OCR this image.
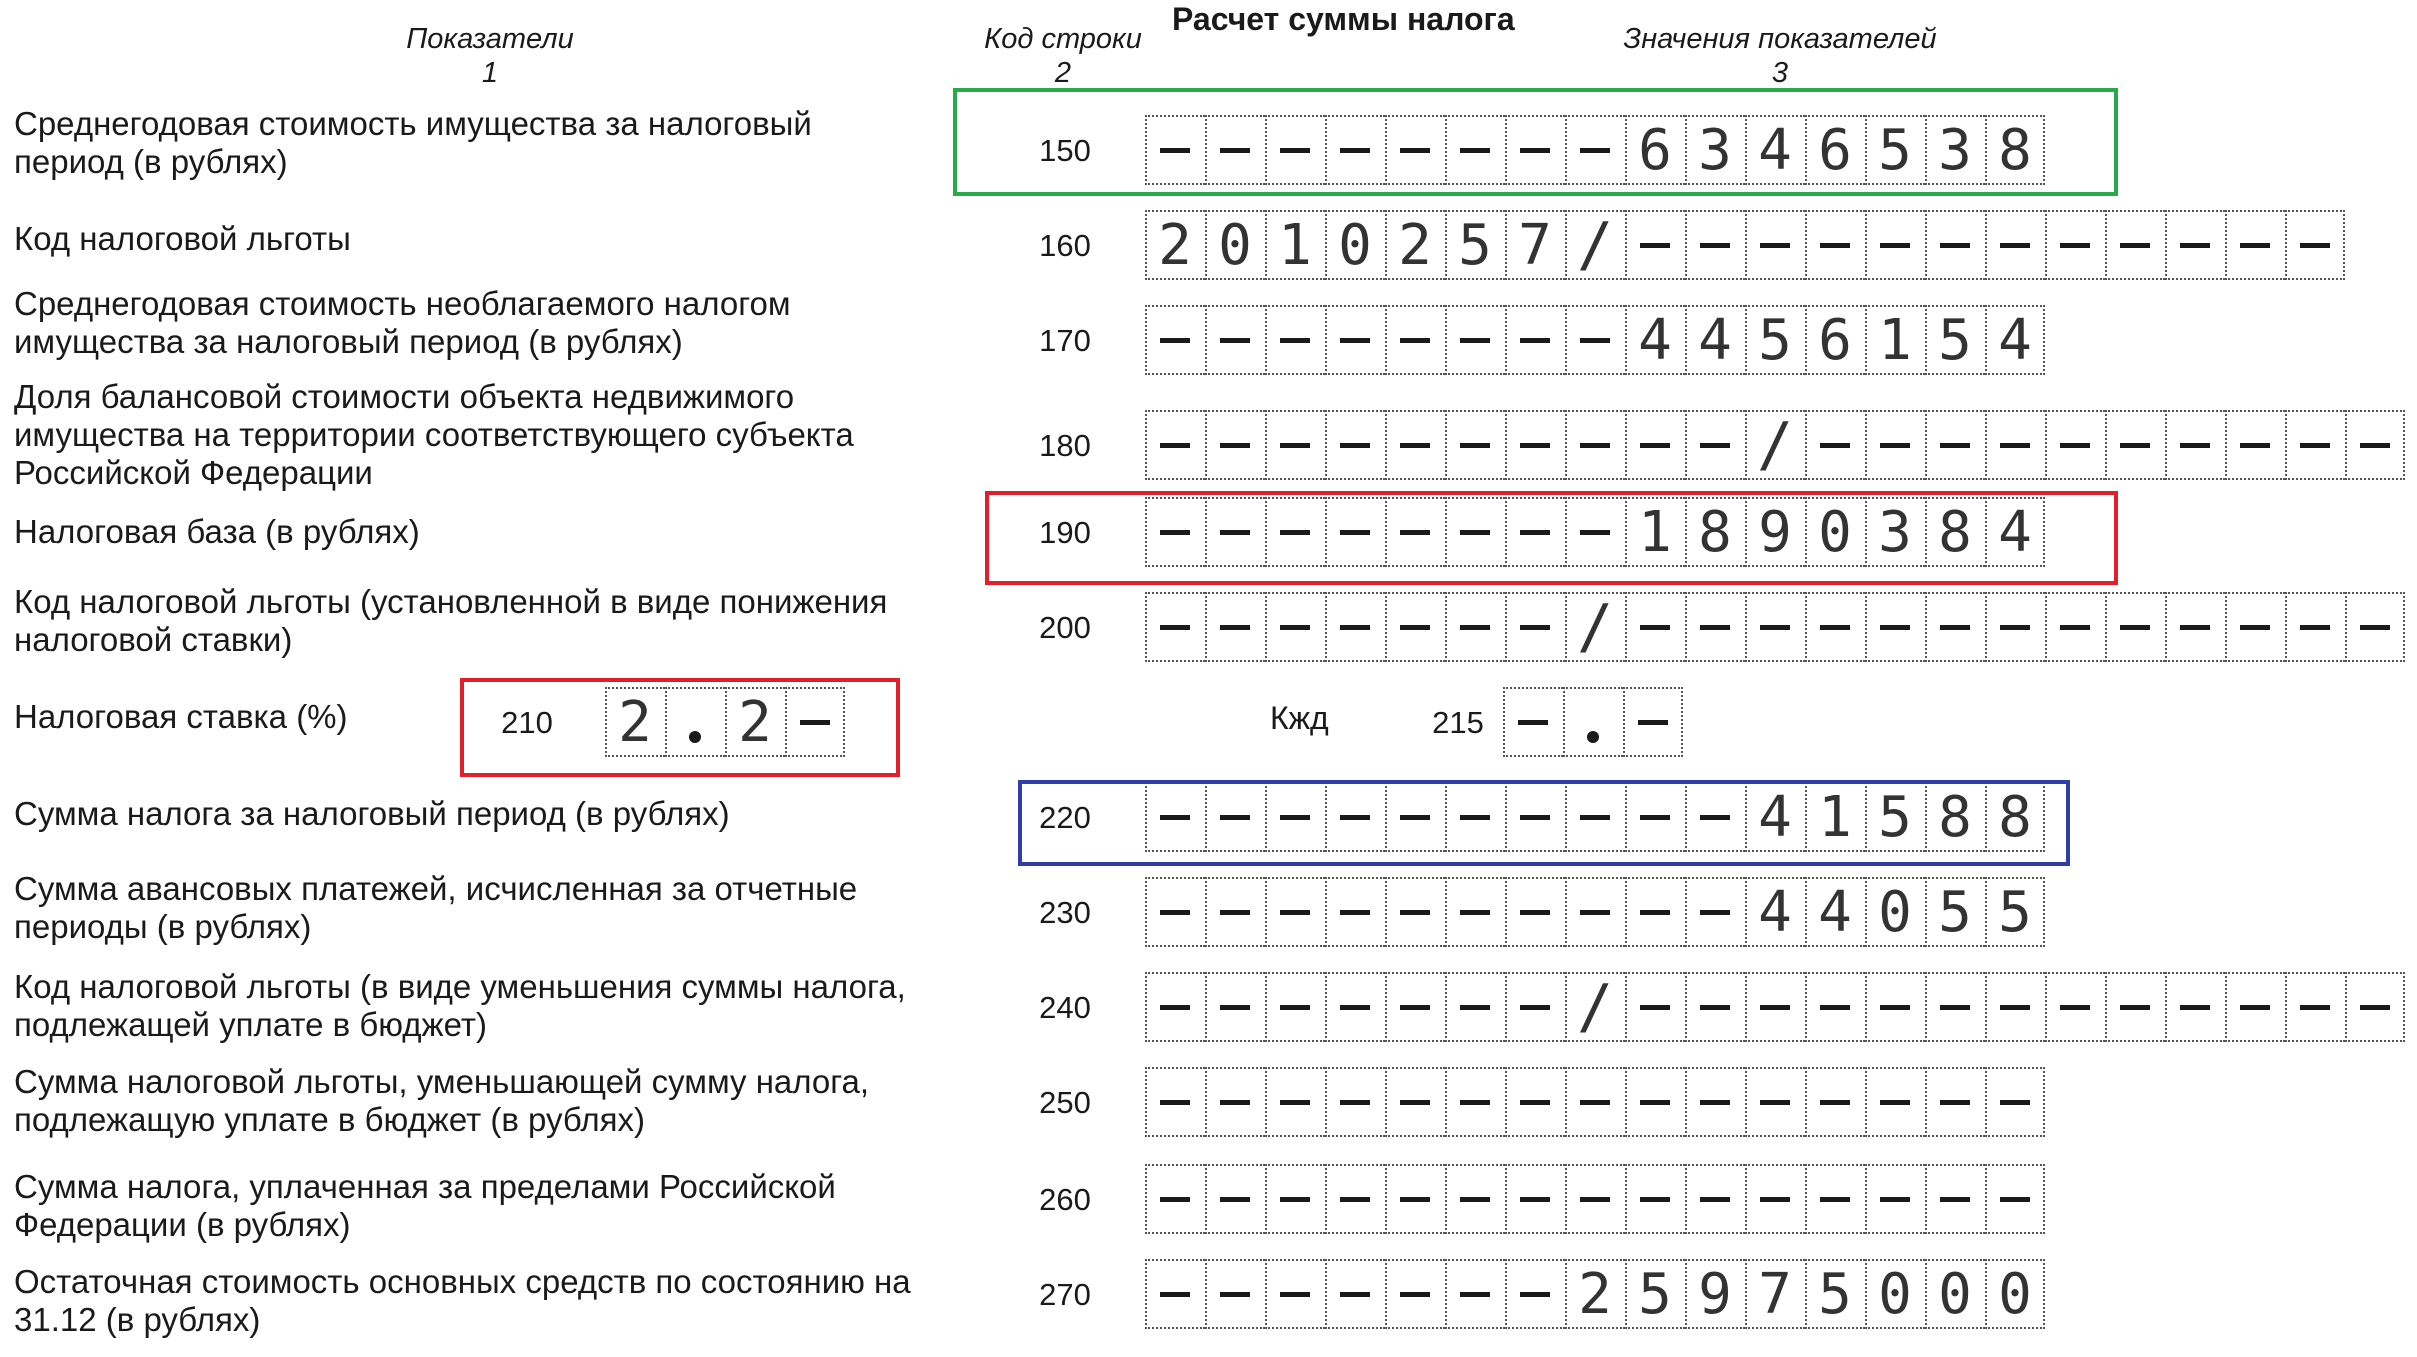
Показатели
1
Расчет суммы налога
Код строки
2
Значения показателей
3
Среднегодовая стоимость имущества за налоговый период (в рублях)
Код налоговой льготы
Среднегодовая стоимость необлагаемого налогом имущества за налоговый период (в рублях)
Доля балансовой стоимости объекта недвижимого имущества на территории соответствующего субъекта Российской Федерации
Налоговая база (в рублях)
Код налоговой льготы (установленной в виде понижения налоговой ставки)
Налоговая ставка (%)
Сумма налога за налоговый период (в рублях)
Сумма авансовых платежей, исчисленная за отчетные периоды (в рублях)
Код налоговой льготы (в виде уменьшения суммы налога, подлежащей уплате в бюджет)
Сумма налоговой льготы, уменьшающей сумму налога, подлежащую уплате в бюджет (в рублях)
Сумма налога, уплаченная за пределами Российской Федерации (в рублях)
Остаточная стоимость основных средств по состоянию на 31.12 (в рублях)
150
160
170
180
190
200
210	215
Кжд
220
230
240
250
260
270
6 3 4 6 5 3 8
2 0 1 0 2 5 7 /
4 4 5 6 1 5 4
/
1 8 9 0 3 8 4
/
2 2
4 1 5 8 8
4 4 0 5 5
/
2 5 9 7 5 0 0 0
